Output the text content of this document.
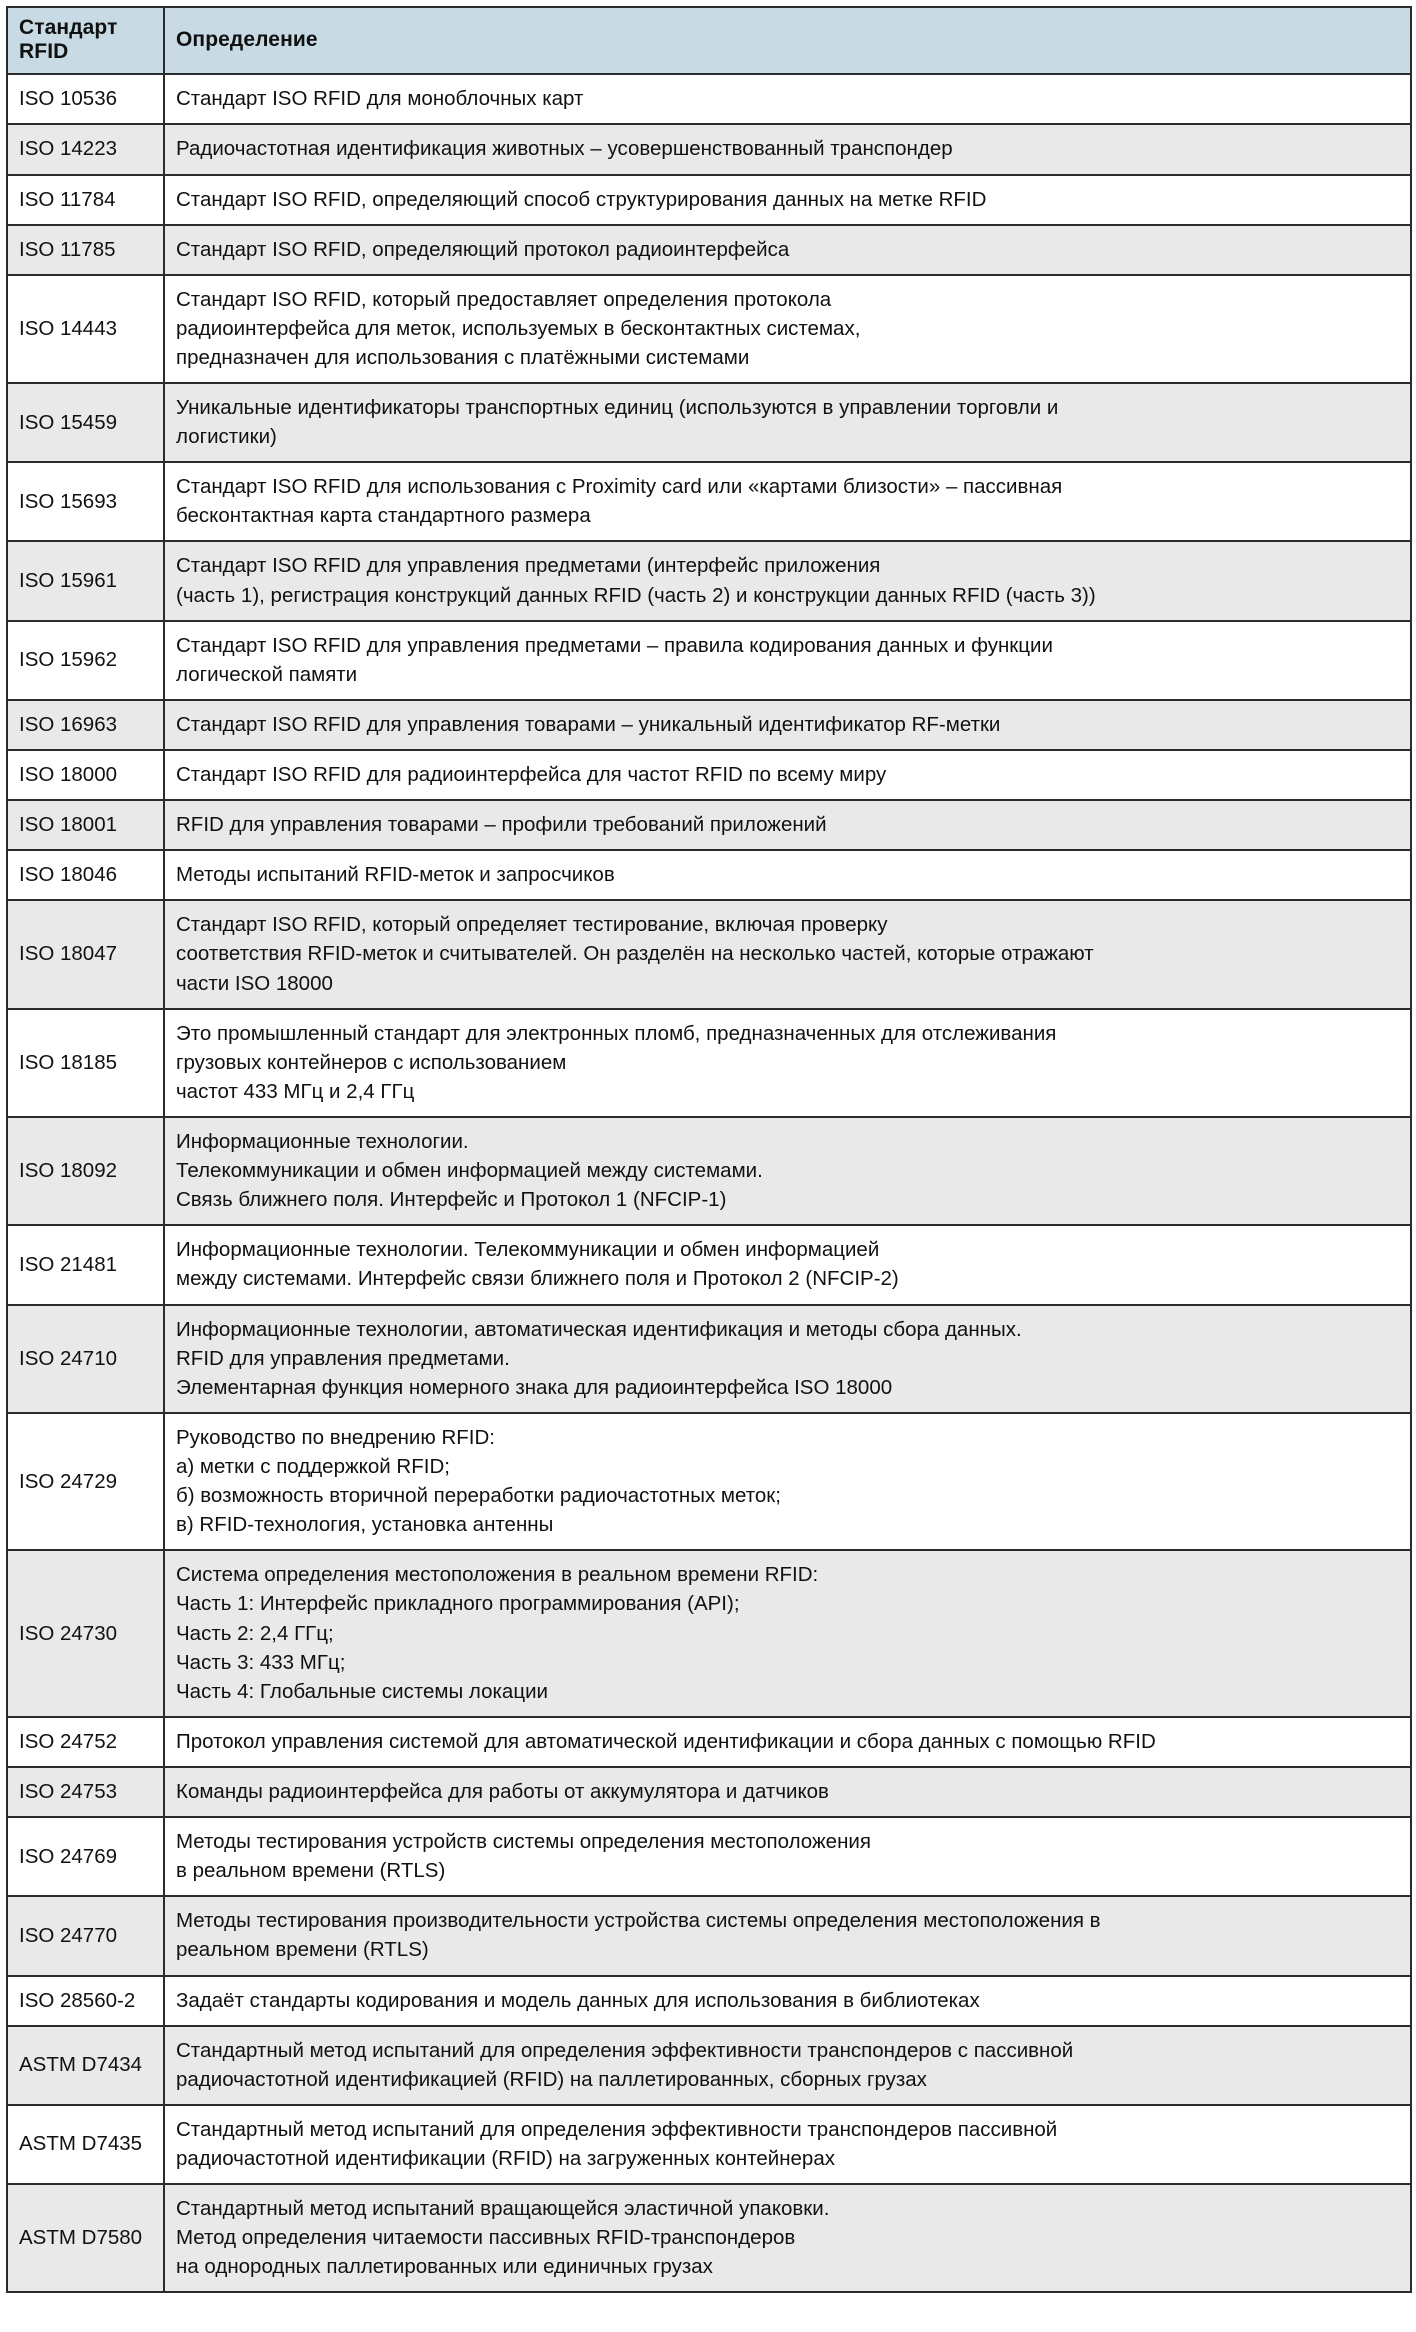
Стандарт RFID	Определение
ISO 10536	Стандарт ISO RFID для моноблочных карт

ISO 14223	Радиочастотная идентификация животных – усовершенствованный транспондер

ISO 11784	Стандарт ISO RFID, определяющий способ структурирования данных на метке RFID

ISO 11785	Стандарт ISO RFID, определяющий протокол радиоинтерфейса

ISO 14443	Стандарт ISO RFID, который предоставляет определения протокола
радиоинтерфейса для меток, используемых в бесконтактных системах,
предназначен для использования с платёжными системами

ISO 15459	Уникальные идентификаторы транспортных единиц (используются в управлении торговли и
логистики)

ISO 15693	Стандарт ISO RFID для использования с Proximity card или «картами близости» – пассивная
бесконтактная карта стандартного размера

ISO 15961	Стандарт ISO RFID для управления предметами (интерфейс приложения
(часть 1), регистрация конструкций данных RFID (часть 2) и конструкции данных RFID (часть 3))

ISO 15962	Стандарт ISO RFID для управления предметами – правила кодирования данных и функции
логической памяти

ISO 16963	Стандарт ISO RFID для управления товарами – уникальный идентификатор RF-метки

ISO 18000	Стандарт ISO RFID для радиоинтерфейса для частот RFID по всему миру

ISO 18001	RFID для управления товарами – профили требований приложений

ISO 18046	Методы испытаний RFID-меток и запросчиков

ISO 18047	Стандарт ISO RFID, который определяет тестирование, включая проверку
соответствия RFID-меток и считывателей. Он разделён на несколько частей, которые отражают
части ISO 18000

ISO 18185	Это промышленный стандарт для электронных пломб, предназначенных для отслеживания
грузовых контейнеров с использованием
частот 433 МГц и 2,4 ГГц

ISO 18092	Информационные технологии.
Телекоммуникации и обмен информацией между системами.
Связь ближнего поля. Интерфейс и Протокол 1 (NFCIP-1)

ISO 21481	Информационные технологии. Телекоммуникации и обмен информацией
между системами. Интерфейс связи ближнего поля и Протокол 2 (NFCIP-2)

ISO 24710	Информационные технологии, автоматическая идентификация и методы сбора данных.
RFID для управления предметами.
Элементарная функция номерного знака для радиоинтерфейса ISO 18000

ISO 24729	Руководство по внедрению RFID:
а) метки с поддержкой RFID;
б) возможность вторичной переработки радиочастотных меток;
в) RFID-технология, установка антенны

ISO 24730	Система определения местоположения в реальном времени RFID:
Часть 1: Интерфейс прикладного программирования (API);
Часть 2: 2,4 ГГц;
Часть 3: 433 МГц;
Часть 4: Глобальные системы локации

ISO 24752	Протокол управления системой для автоматической идентификации и сбора данных с помощью RFID

ISO 24753	Команды радиоинтерфейса для работы от аккумулятора и датчиков

ISO 24769	Методы тестирования устройств системы определения местоположения
в реальном времени (RTLS)

ISO 24770	Методы тестирования производительности устройства системы определения местоположения в
реальном времени (RTLS)

ISO 28560-2	Задаёт стандарты кодирования и модель данных для использования в библиотеках

ASTM D7434	Стандартный метод испытаний для определения эффективности транспондеров с пассивной
радиочастотной идентификацией (RFID) на паллетированных, сборных грузах

ASTM D7435	Стандартный метод испытаний для определения эффективности транспондеров пассивной
радиочастотной идентификации (RFID) на загруженных контейнерах

ASTM D7580	Стандартный метод испытаний вращающейся эластичной упаковки.
Метод определения читаемости пассивных RFID-транспондеров
на однородных паллетированных или единичных грузах
